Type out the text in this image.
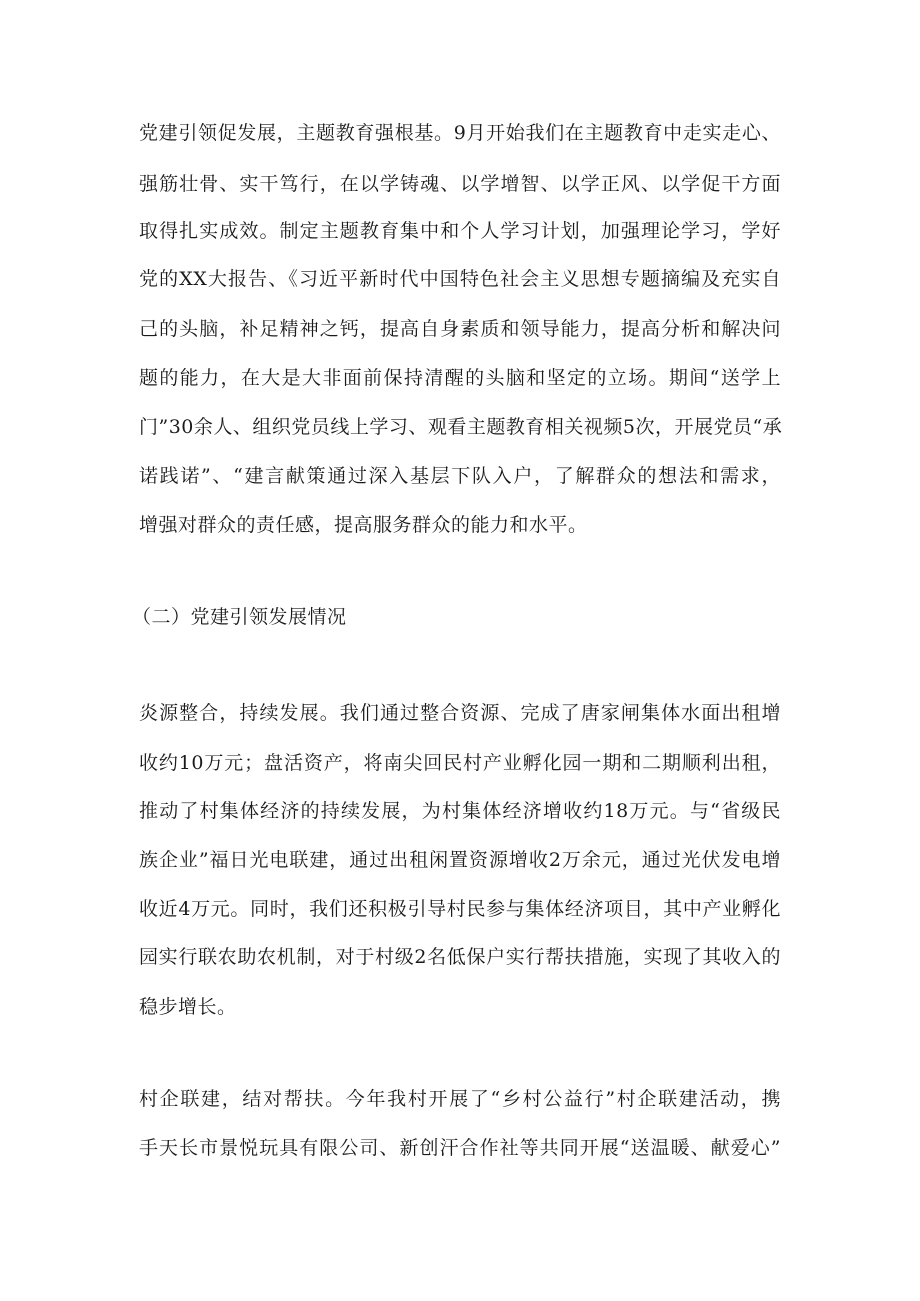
党建引领促发展，主题教育强根基。9月开始我们在主题教育中走实走心、
强筋壮骨、实干笃行，在以学铸魂、以学增智、以学正风、以学促干方面
取得扎实成效。制定主题教育集中和个人学习计划，加强理论学习，学好
党的XX大报告、《习近平新时代中国特色社会主义思想专题摘编及充实自
己的头脑，补足精神之钙，提高自身素质和领导能力，提高分析和解决问
题的能力，在大是大非面前保持清醒的头脑和坚定的立场。期间“送学上
门”30余人、组织党员线上学习、观看主题教育相关视频5次，开展党员“承
诺践诺”、“建言献策通过深入基层下队入户，了解群众的想法和需求，
增强对群众的责任感，提高服务群众的能力和水平。
（二）党建引领发展情况
炎源整合，持续发展。我们通过整合资源、完成了唐家闸集体水面出租增
收约10万元；盘活资产，将南尖回民村产业孵化园一期和二期顺利出租，
推动了村集体经济的持续发展，为村集体经济增收约18万元。与“省级民
族企业”福日光电联建，通过出租闲置资源增收2万余元，通过光伏发电增
收近4万元。同时，我们还积极引导村民参与集体经济项目，其中产业孵化
园实行联农助农机制，对于村级2名低保户实行帮扶措施，实现了其收入的
稳步增长。
村企联建，结对帮扶。今年我村开展了“乡村公益行”村企联建活动，携
手天长市景悦玩具有限公司、新创汗合作社等共同开展“送温暖、献爱心”
